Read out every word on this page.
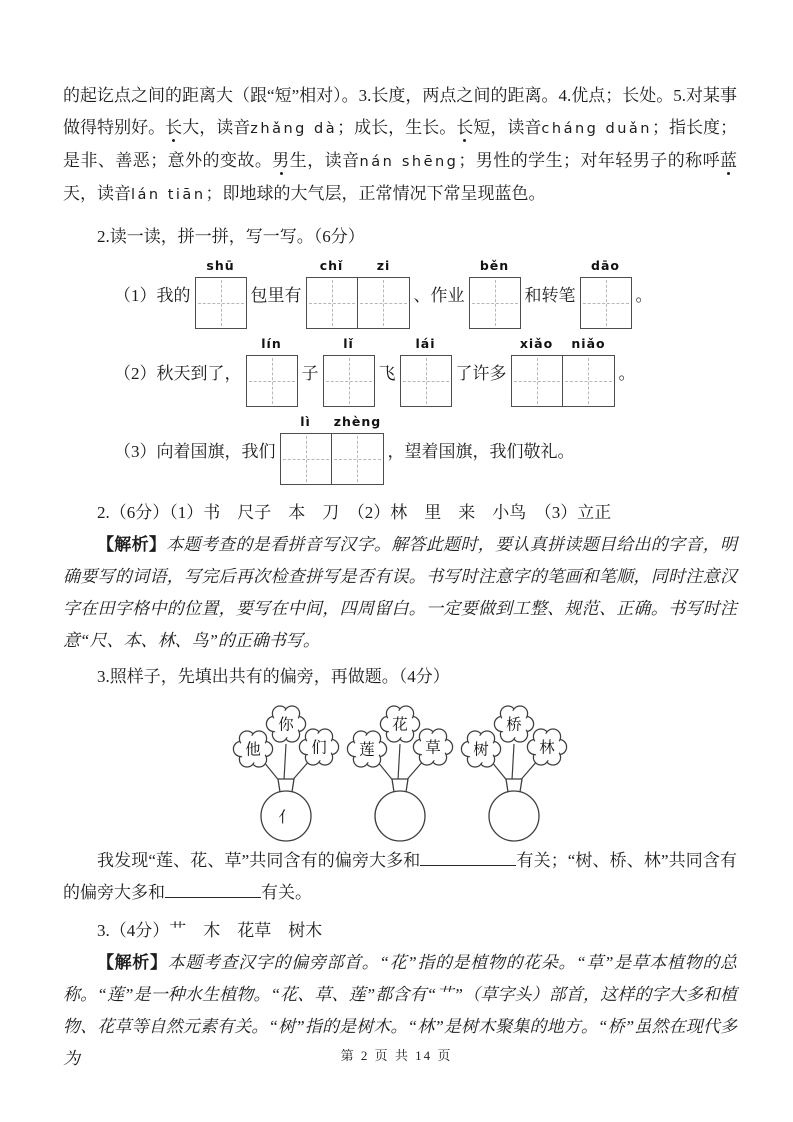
的起讫点之间的距离大（跟“短”相对）。3.长度，两点之间的距离。4.优点；长处。5.对某事做得特别好。长大，读音zhǎng dà；成长，生长。长短，读音cháng duǎn；指长度；是非、善恶；意外的变故。男生，读音nán shēng；男性的学生；对年轻男子的称呼蓝天，读音lán tiān；即地球的大气层，正常情况下常呈现蓝色。

2.读一读，拼一拼，写一写。（6分）

（1）我的
shū
包里有
chǐ	zi
、作业
běn
和转笔
dāo
。
（2）秋天到了，
lín
子
lǐ
飞
lái
了许多
xiǎo niǎo
。
（3）向着国旗，我们
lì zhèng
，望着国旗，我们敬礼。

2.（6分）（1）书　尺子　本　刀　（2）林　里　来　小鸟　（3）立正

【解析】本题考查的是看拼音写汉字。解答此题时，要认真拼读题目给出的字音，明确要写的词语，写完后再次检查拼写是否有误。书写时注意字的笔画和笔顺，同时注意汉字在田字格中的位置，要写在中间，四周留白。一定要做到工整、规范、正确。书写时注意“尺、本、林、鸟”的正确书写。

3.照样子，先填出共有的偏旁，再做题。（4分）

你
他	们
亻
花
莲	草
桥
树	林

我发现“莲、花、草”共同含有的偏旁大多和	有关；“树、桥、林”共同含有的偏旁大多和	有关。

3.（4分）艹　木　花草　树木

【解析】本题考查汉字的偏旁部首。“花”指的是植物的花朵。“草”是草本植物的总称。“莲”是一种水生植物。“花、草、莲”都含有“艹”（草字头）部首，这样的字大多和植物、花草等自然元素有关。“树”指的是树木。“林”是树木聚集的地方。“桥”虽然在现代多为	第 2 页 共 14 页
